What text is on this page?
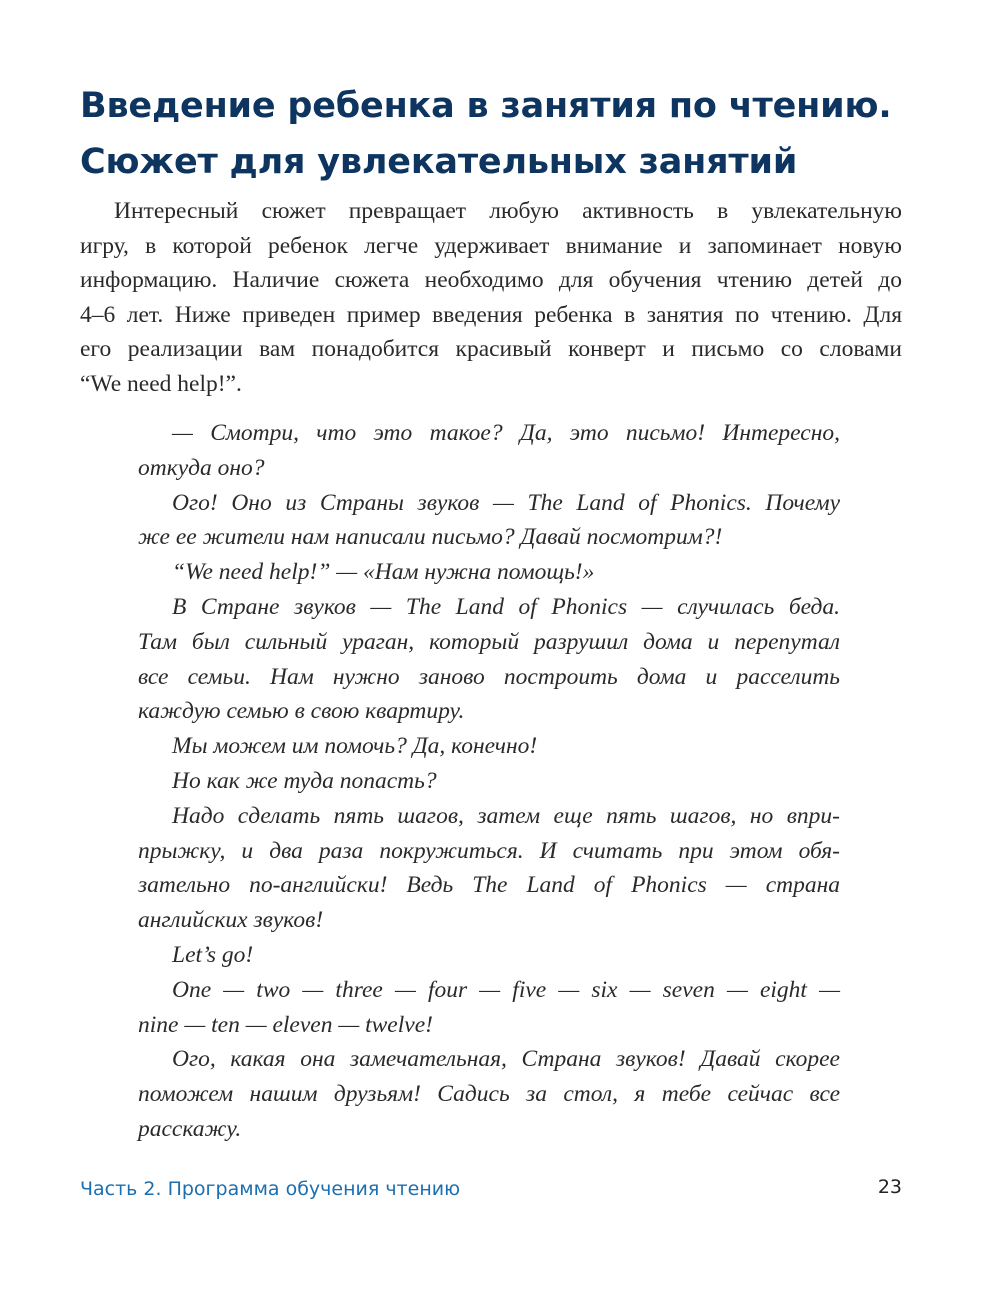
Введение ребенка в занятия по чтению.
Сюжет для увлекательных занятий

Интересный сюжет превращает любую активность в увлекательную
игру, в которой ребенок легче удерживает внимание и запоминает новую
информацию. Наличие сюжета необходимо для обучения чтению детей до
4–6 лет. Ниже приведен пример введения ребенка в занятия по чтению. Для
его реализации вам понадобится красивый конверт и письмо со словами
“We need help!”.

— Смотри, что это такое? Да, это письмо! Интересно,
откуда оно?
Ого! Оно из Страны звуков — The Land of Phonics. Почему
же ее жители нам написали письмо? Давай посмотрим?!
“We need help!” — «Нам нужна помощь!»
В Стране звуков — The Land of Phonics — случилась беда.
Там был сильный ураган, который разрушил дома и перепутал
все семьи. Нам нужно заново построить дома и расселить
каждую семью в свою квартиру.
Мы можем им помочь? Да, конечно!
Но как же туда попасть?
Надо сделать пять шагов, затем еще пять шагов, но впри-
прыжку, и два раза покружиться. И считать при этом обя-
зательно по-английски! Ведь The Land of Phonics — страна
английских звуков!
Let’s go!
One — two — three — four — five — six — seven — eight —
nine — ten — eleven — twelve!
Ого, какая она замечательная, Страна звуков! Давай скорее
поможем нашим друзьям! Садись за стол, я тебе сейчас все
расскажу.
Часть 2. Программа обучения чтению	23
